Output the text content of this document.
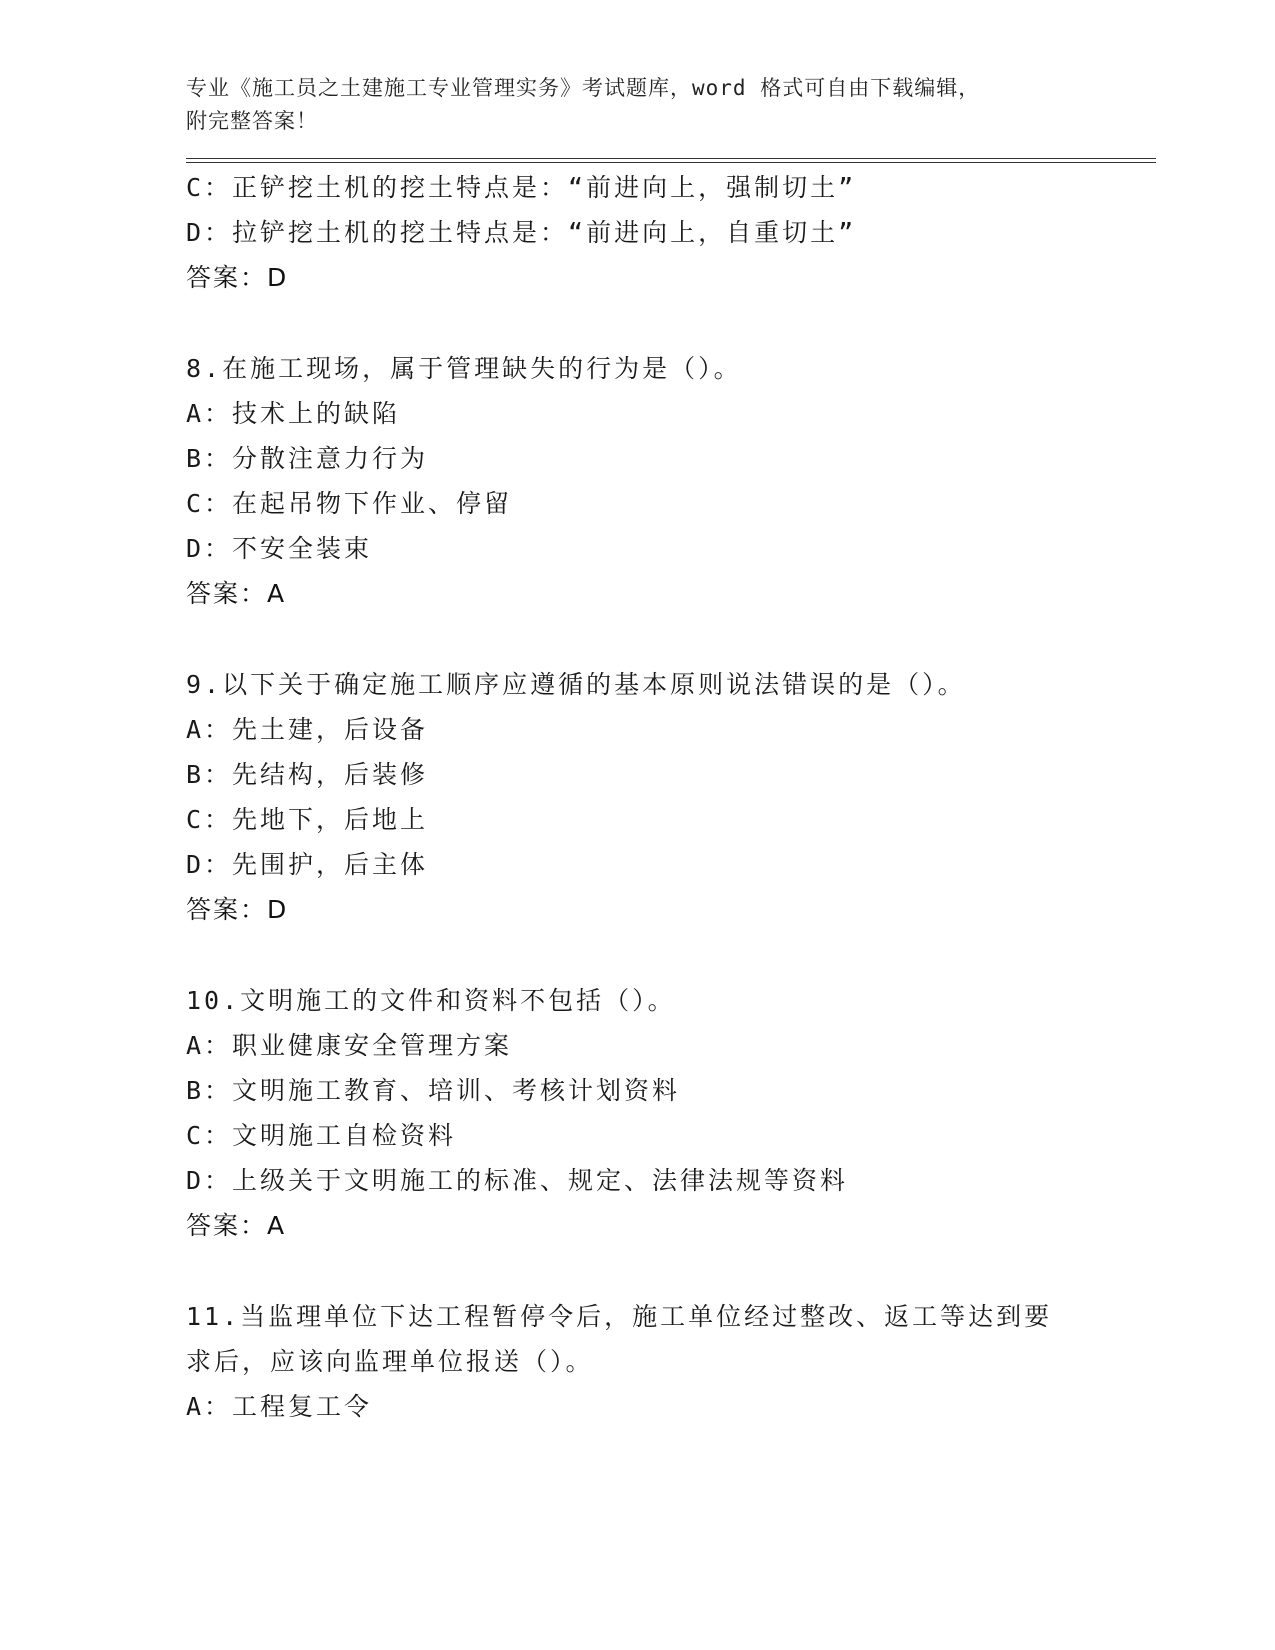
专业《施工员之土建施工专业管理实务》考试题库，word 格式可自由下载编辑，
附完整答案！
C：正铲挖土机的挖土特点是：“前进向上，强制切土”
D：拉铲挖土机的挖土特点是：“前进向上，自重切土”
答案：D
8.在施工现场，属于管理缺失的行为是（）。
A：技术上的缺陷
B：分散注意力行为
C：在起吊物下作业、停留
D：不安全装束
答案：A
9.以下关于确定施工顺序应遵循的基本原则说法错误的是（）。
A：先土建，后设备
B：先结构，后装修
C：先地下，后地上
D：先围护，后主体
答案：D
10.文明施工的文件和资料不包括（）。
A：职业健康安全管理方案
B：文明施工教育、培训、考核计划资料
C：文明施工自检资料
D：上级关于文明施工的标准、规定、法律法规等资料
答案：A
11.当监理单位下达工程暂停令后，施工单位经过整改、返工等达到要
求后，应该向监理单位报送（）。
A：工程复工令
